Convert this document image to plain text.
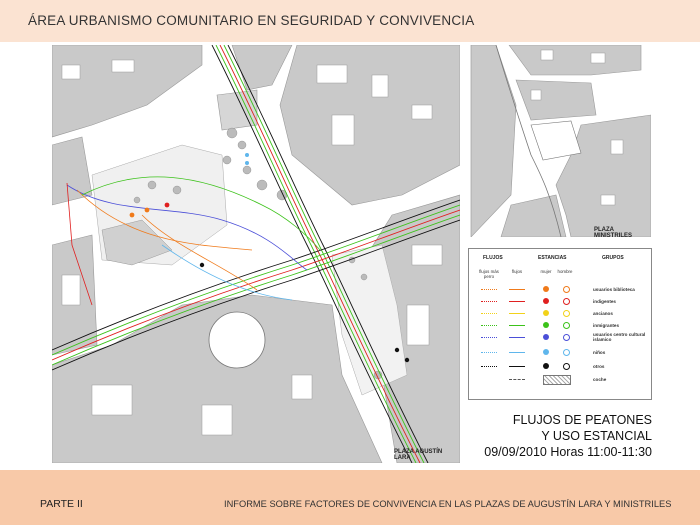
ÁREA URBANISMO COMUNITARIO EN SEGURIDAD Y CONVIVENCIA
PLAZA AGUSTÍN LARA
PLAZA MINISTRILES
FLUJOS	ESTANCIAS	GRUPOS
flujos más perro
flujos	mujer	hombre
usuarios biblioteca
indigentes
ancianos
inmigrantes
usuarios centro cultural islamico
niños
otros
coche
FLUJOS DE PEATONES
Y USO ESTANCIAL
09/09/2010 Horas 11:00-11:30
PARTE II	INFORME SOBRE FACTORES DE CONVIVENCIA EN LAS PLAZAS DE AUGUSTÍN LARA Y MINISTRILES
